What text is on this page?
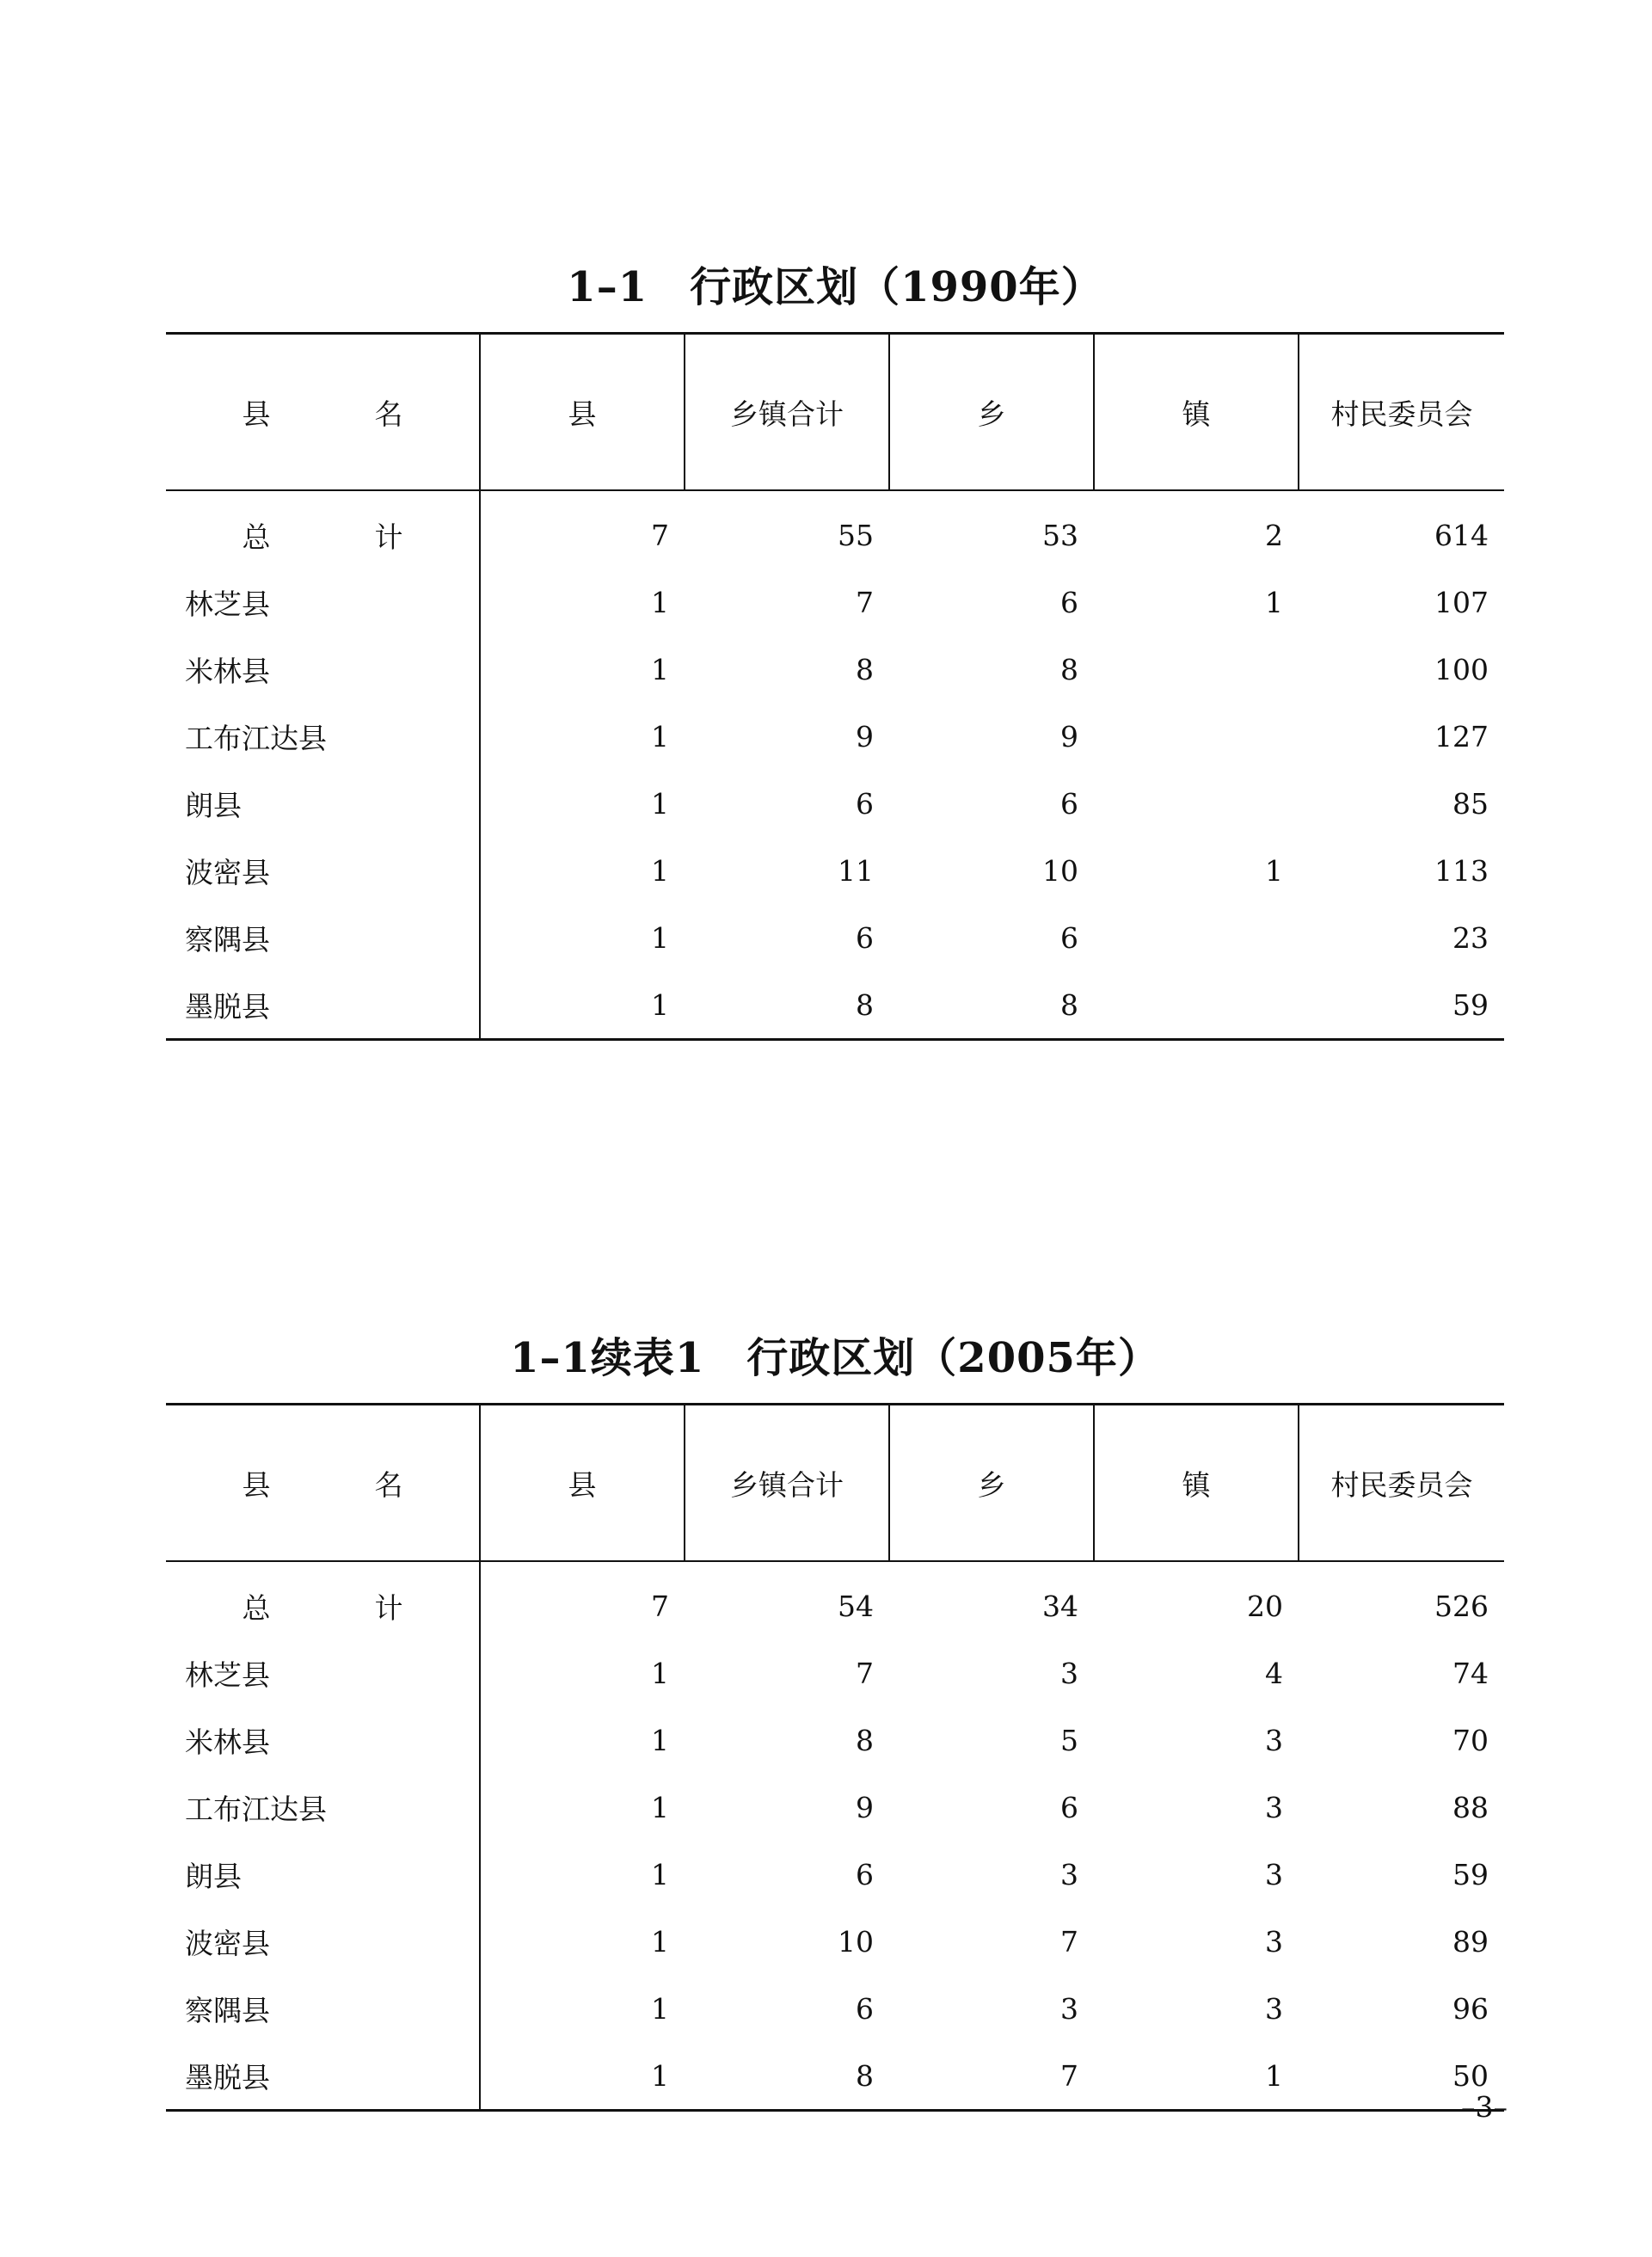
1–1　行政区划（1990年）
县　名	县	乡镇合计	乡	镇	村民委员会
总　计	7	55	53	2	614
林芝县	1	7	6	1	107
米林县	1	8	8		100
工布江达县	1	9	9		127
朗县	1	6	6		85
波密县	1	11	10	1	113
察隅县	1	6	6		23
墨脱县	1	8	8		59
1–1续表1　行政区划（2005年）
县　名	县	乡镇合计	乡	镇	村民委员会
总　计	7	54	34	20	526
林芝县	1	7	3	4	74
米林县	1	8	5	3	70
工布江达县	1	9	6	3	88
朗县	1	6	3	3	59
波密县	1	10	7	3	89
察隅县	1	6	3	3	96
墨脱县	1	8	7	1	50
–3–
